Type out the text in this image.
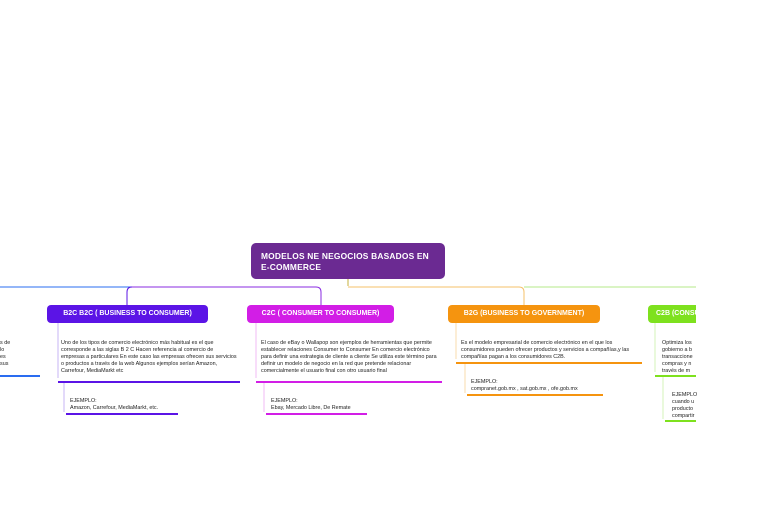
MODELOS NE NEGOCIOS BASADOS EN E-COMMERCE
s de
lo
es
sus
B2C B2C ( BUSINESS TO CONSUMER)
Uno de los tipos de comercio electrónico más habitual es el que corresponde a las siglas B 2 C Hacen referencia al comercio de empresas a particulares En este caso las empresas ofrecen sus servicios o productos a través de la web Algunos ejemplos serían Amazon, Carrefour, MediaMarkt etc
EJEMPLO:
Amazon, Carrefour, MediaMarkt, etc.
C2C ( CONSUMER TO CONSUMER)
El caso de eBay o Wallapop son ejemplos de herramientas que permite establecer relaciones Consumer to Consumer En comercio electrónico para definir una estrategia de cliente a cliente Se utiliza este término para definir un modelo de negocio en la red que pretende relacionar comercialmente el usuario final con otro usuario final
EJEMPLO:
Ebay, Mercado Libre, De Remate
B2G (BUSINESS TO GOVERNMENT)
Es el modelo empresarial de comercio electrónico en el que los consumidores pueden ofrecer productos y servicios a compañías,y las compañías pagan a los consumidores C2B.
EJEMPLO:
compranet.gob.mx , sat.gob.mx , ofe.gob.mx
C2B (CONSUMER TO BUSINESS)
Optimiza los
gobierno a b
transaccione
compras y n
través de m
EJEMPLO
cuando u
producto
compartir
